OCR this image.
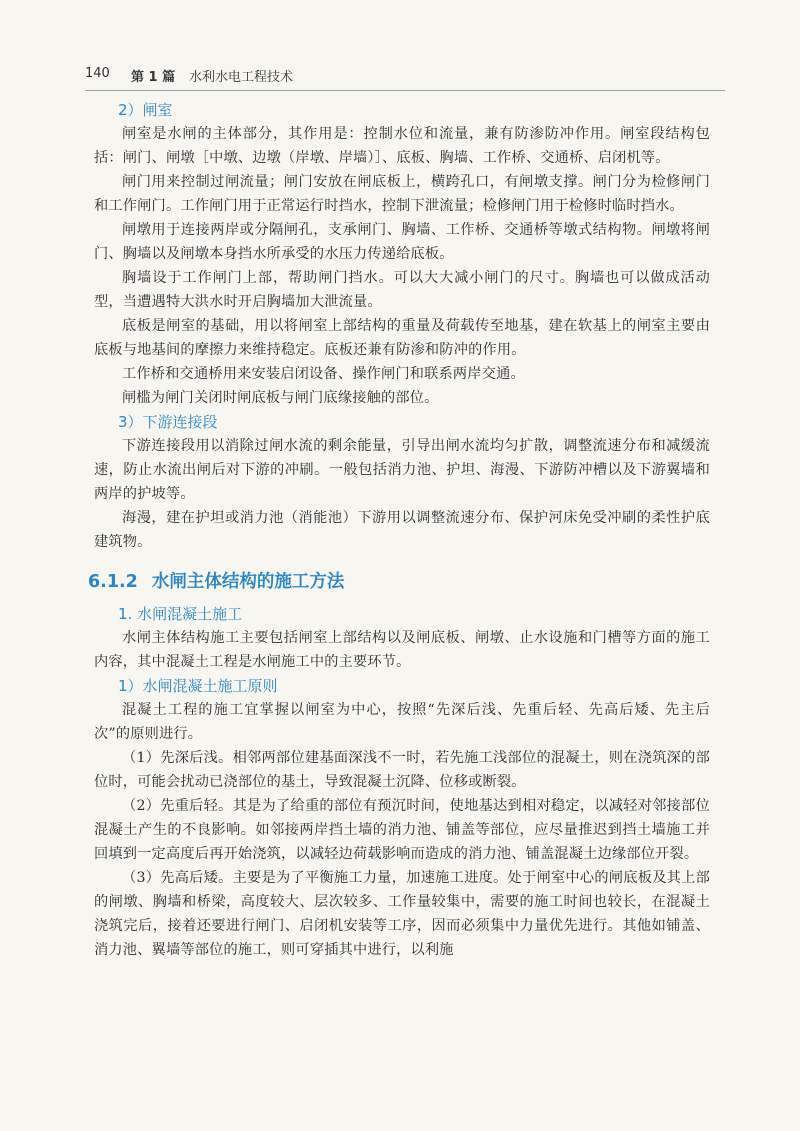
140 第 1 篇 水利水电工程技术
2）闸室

闸室是水闸的主体部分，其作用是：控制水位和流量，兼有防渗防冲作用。闸室段结构包括：闸门、闸墩［中墩、边墩（岸墩、岸墙）］、底板、胸墙、工作桥、交通桥、启闭机等。

闸门用来控制过闸流量；闸门安放在闸底板上，横跨孔口，有闸墩支撑。闸门分为检修闸门和工作闸门。工作闸门用于正常运行时挡水，控制下泄流量；检修闸门用于检修时临时挡水。

闸墩用于连接两岸或分隔闸孔，支承闸门、胸墙、工作桥、交通桥等墩式结构物。闸墩将闸门、胸墙以及闸墩本身挡水所承受的水压力传递给底板。

胸墙设于工作闸门上部，帮助闸门挡水。可以大大减小闸门的尺寸。胸墙也可以做成活动型，当遭遇特大洪水时开启胸墙加大泄流量。

底板是闸室的基础，用以将闸室上部结构的重量及荷载传至地基，建在软基上的闸室主要由底板与地基间的摩擦力来维持稳定。底板还兼有防渗和防冲的作用。

工作桥和交通桥用来安装启闭设备、操作闸门和联系两岸交通。

闸槛为闸门关闭时闸底板与闸门底缘接触的部位。

3）下游连接段

下游连接段用以消除过闸水流的剩余能量，引导出闸水流均匀扩散，调整流速分布和减缓流速，防止水流出闸后对下游的冲刷。一般包括消力池、护坦、海漫、下游防冲槽以及下游翼墙和两岸的护坡等。

海漫，建在护坦或消力池（消能池）下游用以调整流速分布、保护河床免受冲刷的柔性护底建筑物。

6.1.2 水闸主体结构的施工方法
1. 水闸混凝土施工

水闸主体结构施工主要包括闸室上部结构以及闸底板、闸墩、止水设施和门槽等方面的施工内容，其中混凝土工程是水闸施工中的主要环节。

1）水闸混凝土施工原则

混凝土工程的施工宜掌握以闸室为中心，按照“先深后浅、先重后轻、先高后矮、先主后次”的原则进行。

（1）先深后浅。相邻两部位建基面深浅不一时，若先施工浅部位的混凝土，则在浇筑深的部位时，可能会扰动已浇部位的基土，导致混凝土沉降、位移或断裂。

（2）先重后轻。其是为了给重的部位有预沉时间，使地基达到相对稳定，以减轻对邻接部位混凝土产生的不良影响。如邻接两岸挡土墙的消力池、铺盖等部位，应尽量推迟到挡土墙施工并回填到一定高度后再开始浇筑，以减轻边荷载影响而造成的消力池、铺盖混凝土边缘部位开裂。

（3）先高后矮。主要是为了平衡施工力量，加速施工进度。处于闸室中心的闸底板及其上部的闸墩、胸墙和桥梁，高度较大、层次较多、工作量较集中，需要的施工时间也较长，在混凝土浇筑完后，接着还要进行闸门、启闭机安装等工序，因而必须集中力量优先进行。其他如铺盖、消力池、翼墙等部位的施工，则可穿插其中进行，以利施
